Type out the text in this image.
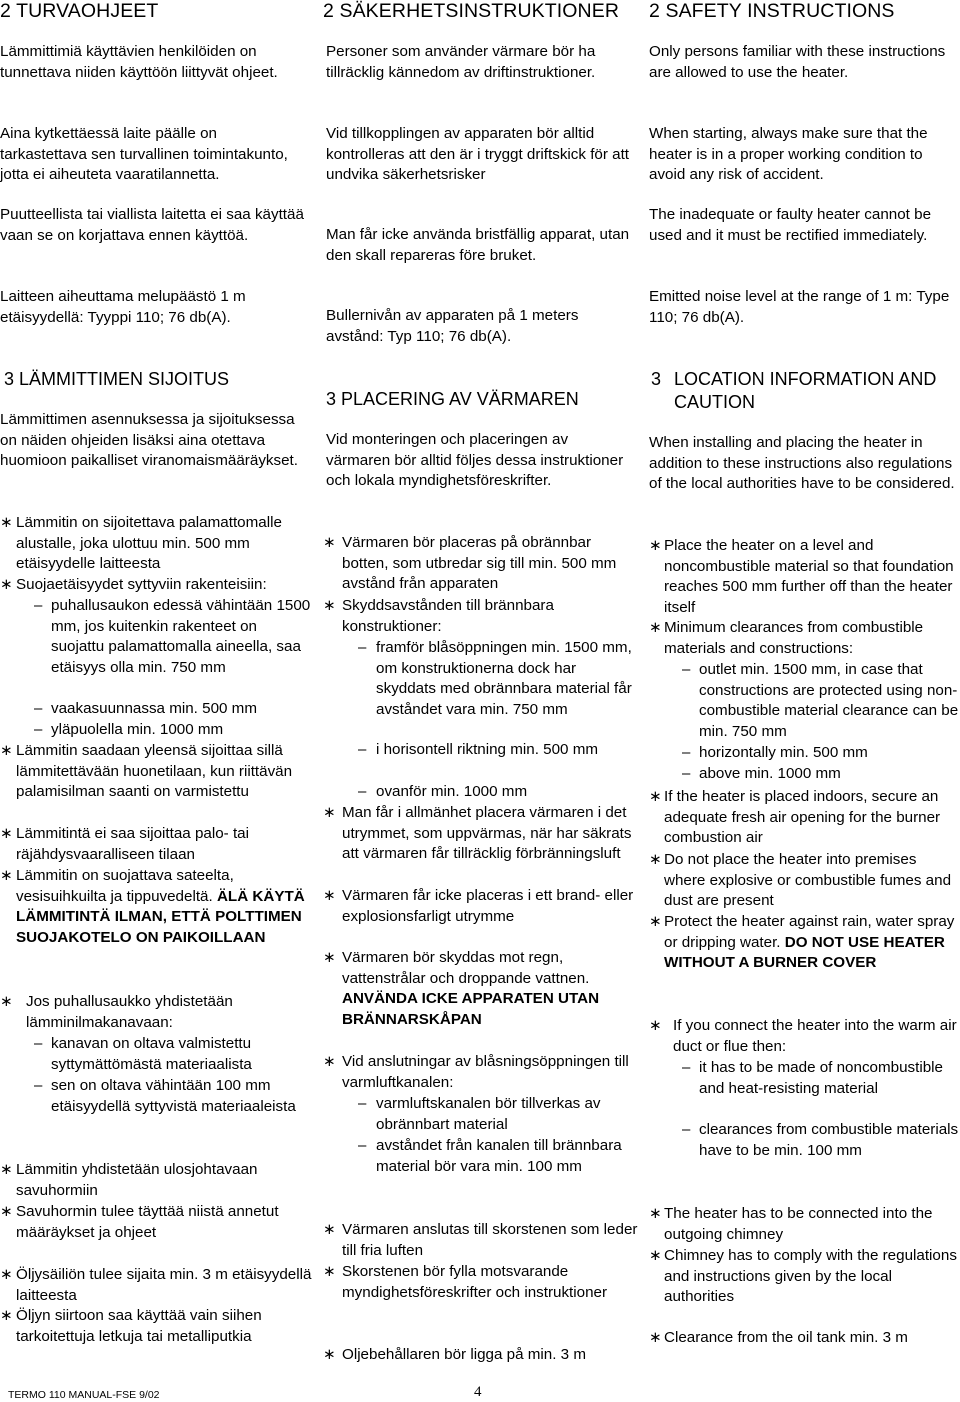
2 TURVAOHJEET

Lämmittimiä käyttävien henkilöiden on tunnettava niiden käyttöön liittyvät ohjeet.

Aina kytkettäessä laite päälle on tarkastettava sen turvallinen toimintakunto, jotta ei aiheuteta vaaratilannetta.

Puutteellista tai viallista laitetta ei saa käyttää vaan se on korjattava ennen käyttöä.

Laitteen aiheuttama melupäästö 1 m etäisyydellä: Tyyppi 110; 76 db(A).

3 LÄMMITTIMEN SIJOITUS

Lämmittimen asennuksessa ja sijoituksessa on näiden ohjeiden lisäksi aina otettava huomioon paikalliset viranomaismääräykset.

∗ Lämmitin on sijoitettava palamattomalle alustalle, joka ulottuu min. 500 mm etäisyydelle laitteesta

∗ Suojaetäisyydet syttyviin rakenteisiin:

– puhallusaukon edessä vähintään 1500 mm, jos kuitenkin rakenteet on suojattu palamattomalla aineella, saa etäisyys olla min. 750 mm

– vaakasuunnassa min. 500 mm

– yläpuolella min. 1000 mm

∗ Lämmitin saadaan yleensä sijoittaa sillä lämmitettävään huonetilaan, kun riittävän palamisilman saanti on varmistettu

∗ Lämmitintä ei saa sijoittaa palo- tai räjähdysvaaralliseen tilaan

∗ Lämmitin on suojattava sateelta, vesisuihkuilta ja tippuvedeltä. ÄLÄ KÄYTÄ LÄMMITINTÄ ILMAN, ETTÄ POLTTIMEN SUOJAKOTELO ON PAIKOILLAAN

∗ Jos puhallusaukko yhdistetään lämminilmakanavaan:

– kanavan on oltava valmistettu syttymättömästä materiaalista

– sen on oltava vähintään 100 mm etäisyydellä syttyvistä materiaaleista

∗ Lämmitin yhdistetään ulosjohtavaan savuhormiin

∗ Savuhormin tulee täyttää niistä annetut määräykset ja ohjeet

∗ Öljysäiliön tulee sijaita min. 3 m etäisyydellä laitteesta

∗ Öljyn siirtoon saa käyttää vain siihen tarkoitettuja letkuja tai metalliputkia

2 SÄKERHETSINSTRUKTIONER

Personer som använder värmare bör ha tillräcklig kännedom av driftinstruktioner.

Vid tillkopplingen av apparaten bör alltid kontrolleras att den är i tryggt driftskick för att undvika säkerhetsrisker

Man får icke använda bristfällig apparat, utan den skall repareras före bruket.

Bullernivån av apparaten på 1 meters avstånd: Typ 110; 76 db(A).

3 PLACERING AV VÄRMAREN

Vid monteringen och placeringen av värmaren bör alltid följes dessa instruktioner och lokala myndighetsföreskrifter.

∗ Värmaren bör placeras på obrännbar botten, som utbredar sig till min. 500 mm avstånd från apparaten

∗ Skyddsavstånden till brännbara konstruktioner:

– framför blåsöppningen min. 1500 mm, om konstruktionerna dock har skyddats med obrännbara material får avståndet vara min. 750 mm

– i horisontell riktning min. 500 mm

– ovanför min. 1000 mm

∗ Man får i allmänhet placera värmaren i det utrymmet, som uppvärmas, när har säkrats att värmaren får tillräcklig förbränningsluft

∗ Värmaren får icke placeras i ett brand- eller explosionsfarligt utrymme

∗ Värmaren bör skyddas mot regn, vattenstrålar och droppande vattnen. ANVÄNDA ICKE APPARATEN UTAN BRÄNNARSKÅPAN

∗ Vid anslutningar av blåsningsöppningen till varmluftkanalen:

– varmluftskanalen bör tillverkas av obrännbart material

– avståndet från kanalen till brännbara material bör vara min. 100 mm

∗ Värmaren anslutas till skorstenen som leder till fria luften

∗ Skorstenen bör fylla motsvarande myndighetsföreskrifter och instruktioner

∗ Oljebehållaren bör ligga på min. 3 m

2 SAFETY INSTRUCTIONS

Only persons familiar with these instructions are allowed to use the heater.

When starting, always make sure that the heater is in a proper working condition to avoid any risk of accident.

The inadequate or faulty heater cannot be used and it must be rectified immediately.

Emitted noise level at the range of 1 m: Type 110; 76 db(A).

3 LOCATION INFORMATION AND CAUTION

When installing and placing the heater in addition to these instructions also regulations of the local authorities have to be considered.

∗ Place the heater on a level and noncombustible material so that foundation reaches 500 mm further off than the heater itself

∗ Minimum clearances from combustible materials and constructions:

– outlet min. 1500 mm, in case that constructions are protected using non-combustible material clearance can be min. 750 mm

– horizontally min. 500 mm

– above min. 1000 mm

∗ If the heater is placed indoors, secure an adequate fresh air opening for the burner combustion air

∗ Do not place the heater into premises where explosive or combustible fumes and dust are present

∗ Protect the heater against rain, water spray or dripping water. DO NOT USE HEATER WITHOUT A BURNER COVER

∗ If you connect the heater into the warm air duct or flue then:

– it has to be made of noncombustible and heat-resisting material

– clearances from combustible materials have to be min. 100 mm

∗ The heater has to be connected into the outgoing chimney

∗ Chimney has to comply with the regulations and instructions given by the local authorities

∗ Clearance from the oil tank min. 3 m

TERMO 110 MANUAL-FSE 9/02	4
